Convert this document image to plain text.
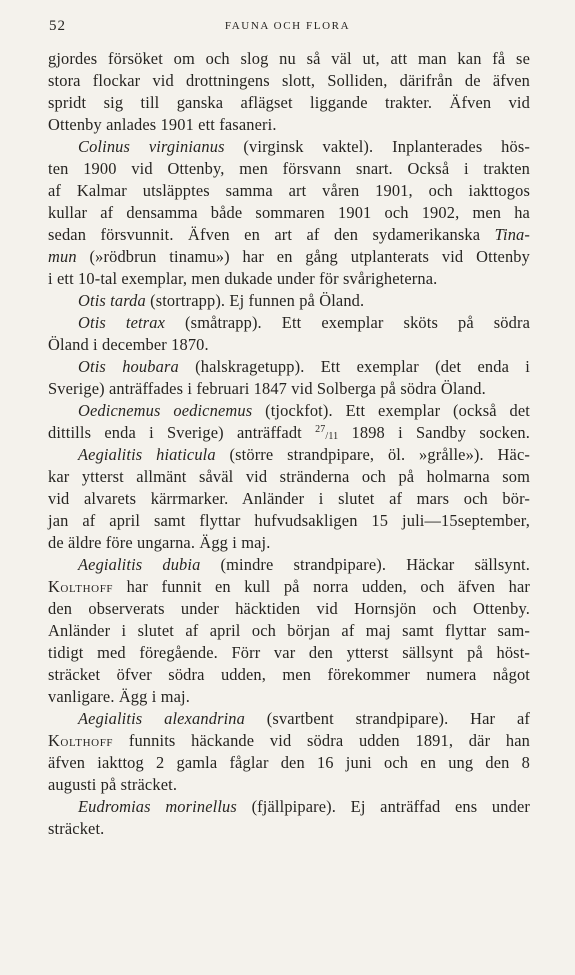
52	FAUNA OCH FLORA
gjordes försöket om och slog nu så väl ut, att man kan få se
stora flockar vid drottningens slott, Solliden, därifrån de äfven
spridt sig till ganska aflägset liggande trakter. Äfven vid
Ottenby anlades 1901 ett fasaneri.
Colinus virginianus (virginsk vaktel). Inplanterades hös-
ten 1900 vid Ottenby, men försvann snart. Också i trakten
af Kalmar utsläpptes samma art våren 1901, och iakttogos
kullar af densamma både sommaren 1901 och 1902, men ha
sedan försvunnit. Äfven en art af den sydamerikanska Tina-
mun (»rödbrun tinamu») har en gång utplanterats vid Ottenby
i ett 10-tal exemplar, men dukade under för svårigheterna.
Otis tarda (stortrapp). Ej funnen på Öland.
Otis tetrax (småtrapp). Ett exemplar sköts på södra
Öland i december 1870.
Otis houbara (halskragetupp). Ett exemplar (det enda i
Sverige) anträffades i februari 1847 vid Solberga på södra Öland.
Oedicnemus oedicnemus (tjockfot). Ett exemplar (också det
dittills enda i Sverige) anträffadt $^{27}_{/11}$ 1898 i Sandby socken.
Aegialitis hiaticula (större strandpipare, öl. »grålle»). Häc-
kar ytterst allmänt såväl vid stränderna och på holmarna som
vid alvarets kärrmarker. Anländer i slutet af mars och bör-
jan af april samt flyttar hufvudsakligen 15 juli—15september,
de äldre före ungarna. Ägg i maj.
Aegialitis dubia (mindre strandpipare). Häckar sällsynt.
Kolthoff har funnit en kull på norra udden, och äfven har
den observerats under häcktiden vid Hornsjön och Ottenby.
Anländer i slutet af april och början af maj samt flyttar sam-
tidigt med föregående. Förr var den ytterst sällsynt på höst-
sträcket öfver södra udden, men förekommer numera något
vanligare. Ägg i maj.
Aegialitis alexandrina (svartbent strandpipare). Har af
Kolthoff funnits häckande vid södra udden 1891, där han
äfven iakttog 2 gamla fåglar den 16 juni och en ung den 8
augusti på sträcket.
Eudromias morinellus (fjällpipare). Ej anträffad ens under
sträcket.
